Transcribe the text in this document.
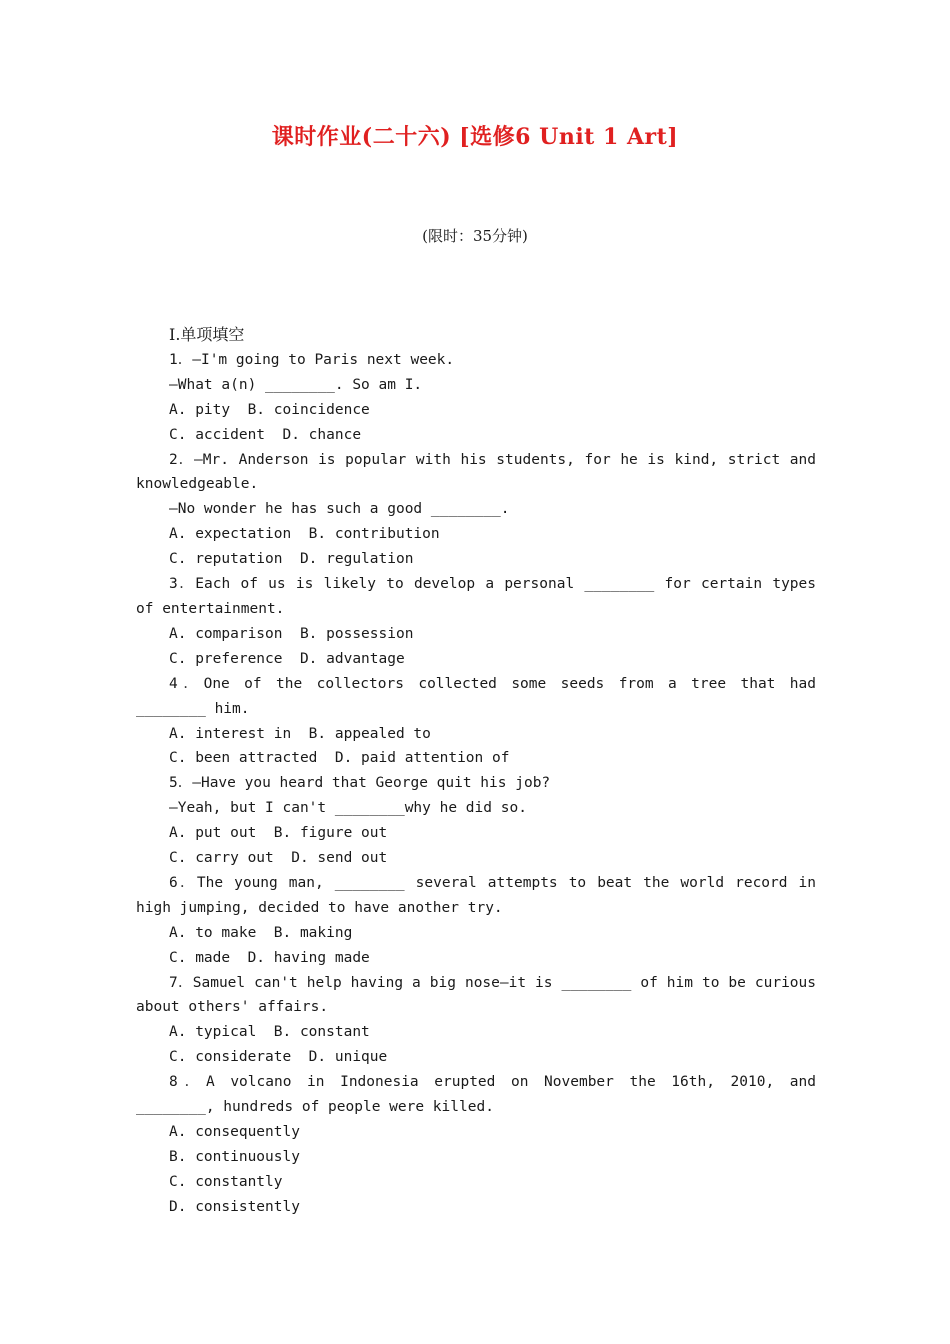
课时作业(二十六) [选修6 Unit 1 Art]

(限时：35分钟)

Ⅰ.单项填空
1．—I'm going to Paris next week.
—What a(n) ________. So am I.
A. pity  B. coincidence
C. accident  D. chance
2．—Mr. Anderson is popular with his students, for he is kind, strict and knowledgeable.
—No wonder he has such a good ________.
A. expectation  B. contribution
C. reputation  D. regulation
3．Each of us is likely to develop a personal ________ for certain types of entertainment.
A. comparison  B. possession
C. preference  D. advantage
4．One of the collectors collected some seeds from a tree that had ________ him.
A. interest in  B. appealed to
C. been attracted  D. paid attention of
5．—Have you heard that George quit his job?
—Yeah, but I can't ________why he did so.
A. put out  B. figure out
C. carry out  D. send out
6．The young man, ________ several attempts to beat the world record in high jumping, decided to have another try.
A. to make  B. making
C. made  D. having made
7．Samuel can't help having a big nose—it is ________ of him to be curious about others' affairs.
A. typical  B. constant
C. considerate  D. unique
8．A volcano in Indonesia erupted on November the 16th, 2010, and ________, hundreds of people were killed.
A. consequently
B. continuously
C. constantly
D. consistently
